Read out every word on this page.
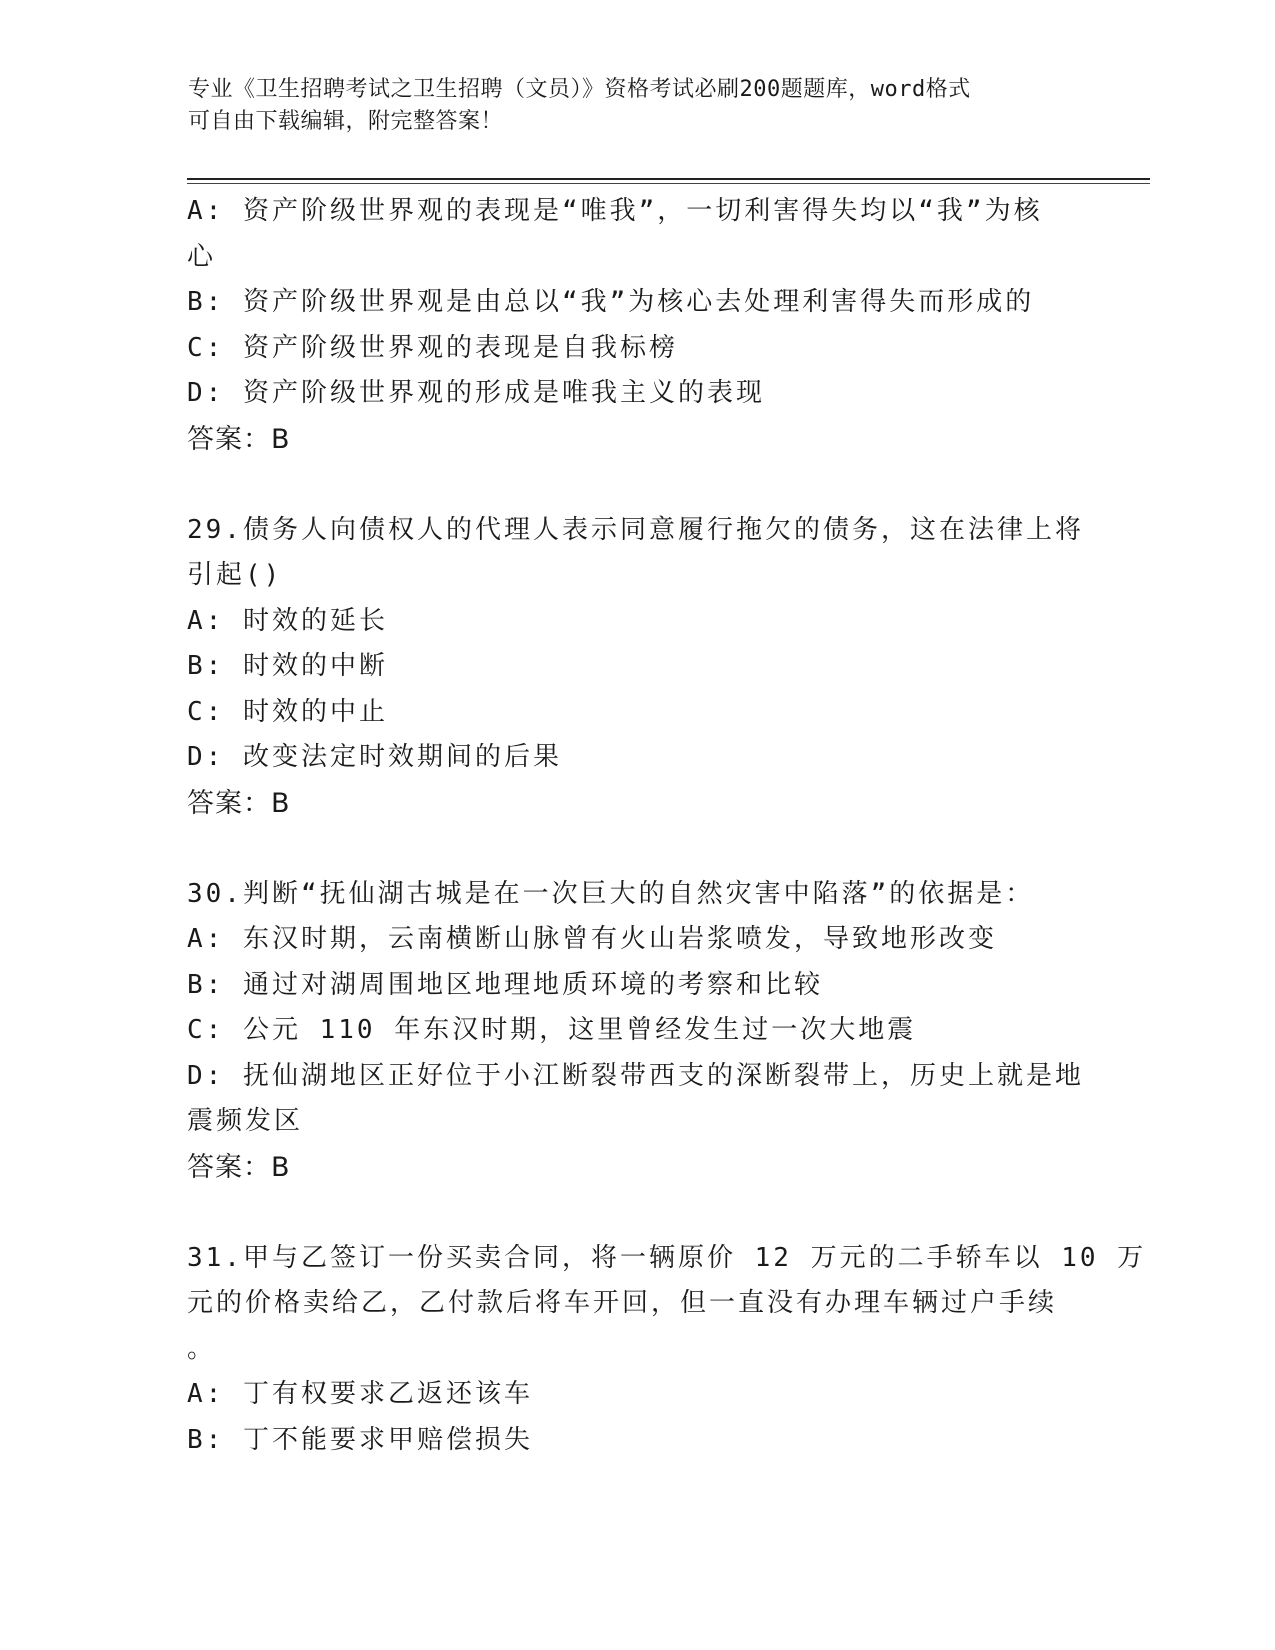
专业《卫生招聘考试之卫生招聘（文员）》资格考试必刷200题题库，word格式
可自由下载编辑，附完整答案！
A: 资产阶级世界观的表现是“唯我”，一切利害得失均以“我”为核
心
B: 资产阶级世界观是由总以“我”为核心去处理利害得失而形成的
C: 资产阶级世界观的表现是自我标榜
D: 资产阶级世界观的形成是唯我主义的表现
答案：B
29.债务人向债权人的代理人表示同意履行拖欠的债务，这在法律上将
引起()
A: 时效的延长
B: 时效的中断
C: 时效的中止
D: 改变法定时效期间的后果
答案：B
30.判断“抚仙湖古城是在一次巨大的自然灾害中陷落”的依据是：
A: 东汉时期，云南横断山脉曾有火山岩浆喷发，导致地形改变
B: 通过对湖周围地区地理地质环境的考察和比较
C: 公元 110 年东汉时期，这里曾经发生过一次大地震
D: 抚仙湖地区正好位于小江断裂带西支的深断裂带上，历史上就是地
震频发区
答案：B
31.甲与乙签订一份买卖合同，将一辆原价 12 万元的二手轿车以 10 万
元的价格卖给乙，乙付款后将车开回，但一直没有办理车辆过户手续
。
A: 丁有权要求乙返还该车
B: 丁不能要求甲赔偿损失
